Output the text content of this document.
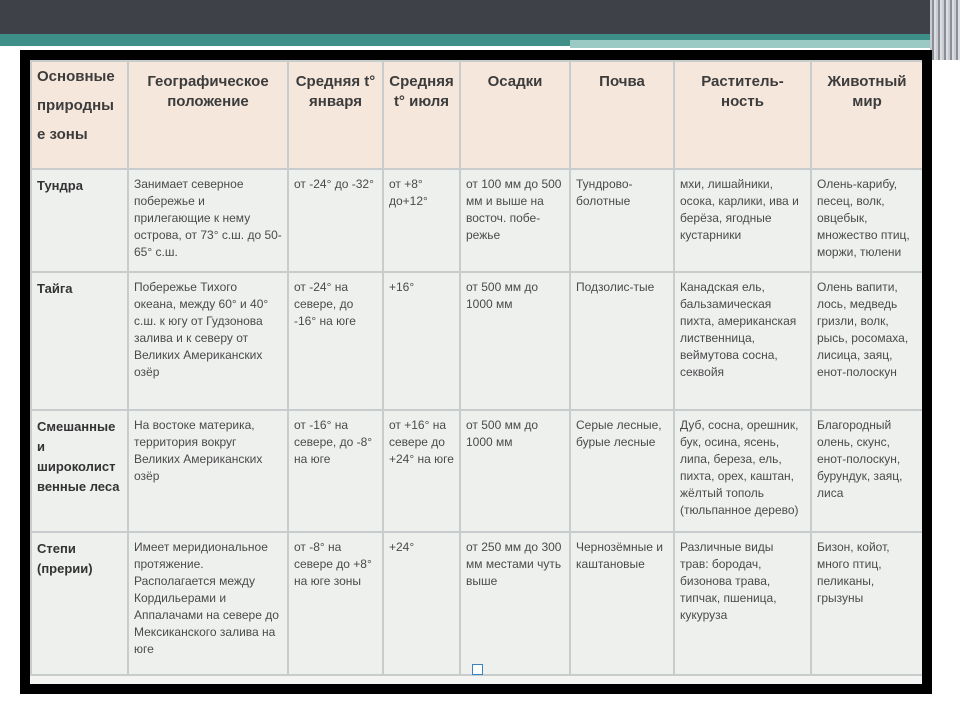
Основные природны е зоны	Географическое положение	Средняя t° января	Средняя t° июля	Осадки	Почва	Раститель- ность	Животный мир
Тундра	Занимает северное побережье и прилегающие к нему острова, от 73° с.ш. до 50-65° с.ш.	от -24° до -32°	от +8° до+12°	от 100 мм до 500 мм и выше на восточ. побе- режье	Тундрово- болотные	мхи, лишайники, осока, карлики, ива и берёза, ягодные кустарники	Олень-карибу, песец, волк, овцебык, множество птиц, моржи, тюлени
Тайга	Побережье Тихого океана, между 60° и 40° с.ш. к югу от Гудзонова залива и к северу от Великих Американских озёр	от -24° на севере, до -16° на юге	+16°	от 500 мм до 1000 мм	Подзолис-тые	Канадская ель, бальзамическая пихта, американская лиственница, веймутова сосна, секвойя	Олень вапити, лось, медведь гризли, волк, рысь, росомаха, лисица, заяц, енот-полоскун
Смешанные и широколист венные леса	На востоке материка, территория вокруг Великих Американских озёр	от -16° на севере, до -8° на юге	от +16° на севере до +24° на юге	от 500 мм до 1000 мм	Серые лесные, бурые лесные	Дуб, сосна, орешник, бук, осина, ясень, липа, береза, ель, пихта, орех, каштан, жёлтый тополь (тюльпанное дерево)	Благородный олень, скунс, енот-полоскун, бурундук, заяц, лиса
Степи (прерии)	Имеет меридиональное протяжение. Располагается между Кордильерами и Аппалачами на севере до Мексиканского залива на юге	от -8° на севере до +8° на юге зоны	+24°	от 250 мм до 300 мм местами чуть выше	Чернозёмные и каштановые	Различные виды трав: бородач, бизонова трава, типчак, пшеница, кукуруза	Бизон, койот, много птиц, пеликаны, грызуны
